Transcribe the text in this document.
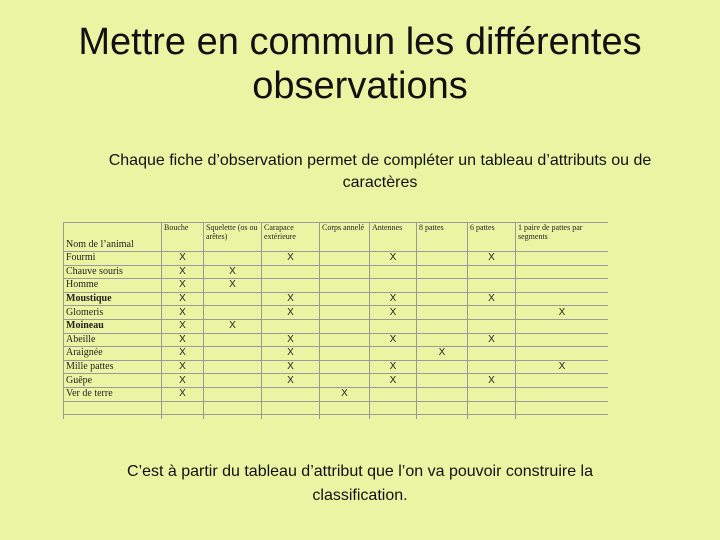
Mettre en commun les différentes
observations
Chaque fiche d’observation permet de compléter un tableau d’attributs ou de caractères
Nom de l’animal	Bouche	Squelette (os ou arêtes)	Carapace extérieure	Corps annelé	Antennes	8 pattes	6 pattes	1 paire de pattes par segments
Fourmi	X		X		X		X	
Chauve souris	X	X						
Homme	X	X						
Moustique	X		X		X		X	
Glomeris	X		X		X			X
Moineau	X	X						
Abeille	X		X		X		X	
Araignée	X		X			X		
Mille pattes	X		X		X			X
Guêpe	X		X		X		X	
Ver de terre	X			X				

C’est à partir du tableau d’attribut que l’on va pouvoir construire la classification.
